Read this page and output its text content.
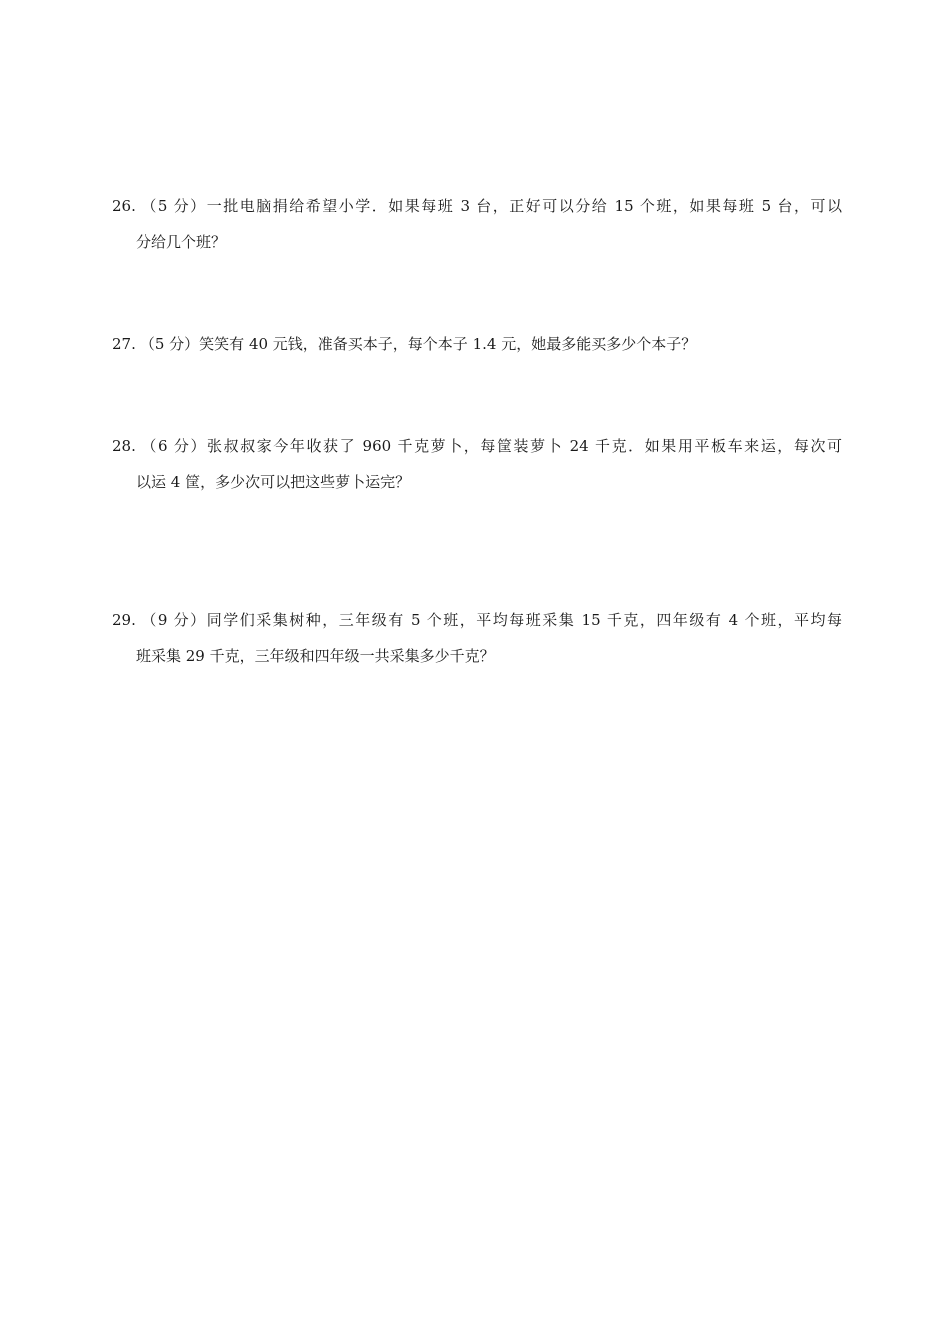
26. （5 分）一批电脑捐给希望小学．如果每班 3 台，正好可以分给 15 个班，如果每班 5 台，可以
分给几个班？
27. （5 分）笑笑有 40 元钱，准备买本子，每个本子 1.4 元，她最多能买多少个本子？
28. （6 分）张叔叔家今年收获了 960 千克萝卜，每筐装萝卜 24 千克．如果用平板车来运，每次可
以运 4 筐，多少次可以把这些萝卜运完？
29. （9 分）同学们采集树种，三年级有 5 个班，平均每班采集 15 千克，四年级有 4 个班，平均每
班采集 29 千克，三年级和四年级一共采集多少千克？
